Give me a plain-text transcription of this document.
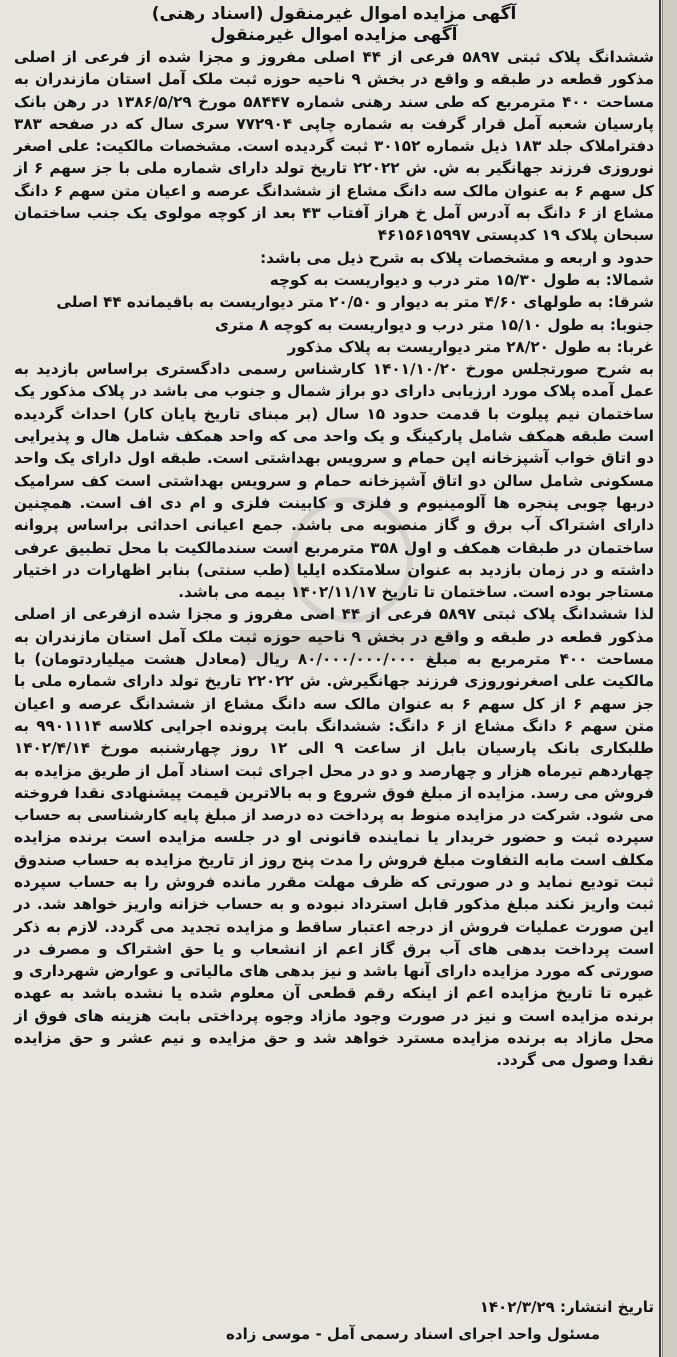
آگهی مزایده اموال غیرمنقول (اسناد رهنی)

آگهی مزایده اموال غیرمنقول

ششدانگ پلاک ثبتی ۵۸۹۷ فرعی از ۴۴ اصلی مفروز و مجزا شده از فرعی از اصلی مذکور قطعه در طبقه و واقع در بخش ۹ ناحیه حوزه ثبت ملک آمل استان مازندران به مساحت ۴۰۰ مترمربع که طی سند رهنی شماره ۵۸۴۴۷ مورخ ۱۳۸۶/۵/۲۹ در رهن بانک پارسیان شعبه آمل قرار گرفت به شماره چاپی ۷۷۲۹۰۴ سری سال که در صفحه ۳۸۳ دفتراملاک جلد ۱۸۳ ذیل شماره ۳۰۱۵۲ ثبت گردیده است. مشخصات مالکیت: علی اصغر نوروزی فرزند جهانگیر به ش. ش ۲۲۰۲۲ تاریخ تولد دارای شماره ملی با جز سهم ۶ از کل سهم ۶ به عنوان مالک سه دانگ مشاع از ششدانگ عرصه و اعیان متن سهم ۶ دانگ مشاع از ۶ دانگ به آدرس آمل خ هراز آفتاب ۴۳ بعد از کوچه مولوی یک جنب ساختمان سبحان پلاک ۱۹ کدپستی ۴۶۱۵۶۱۵۹۹۷

حدود و اربعه و مشخصات پلاک به شرح ذیل می باشد:

شمالا: به طول ۱۵/۳۰ متر درب و دیواریست به کوچه

شرقا: به طولهای ۴/۶۰ متر به دیوار و ۲۰/۵۰ متر دیواریست به باقیمانده ۴۴ اصلی

جنوبا: به طول ۱۵/۱۰ متر درب و دیواریست به کوچه ۸ متری

غربا: به طول ۲۸/۲۰ متر دیواریست به پلاک مذکور

به شرح صورتجلس مورخ ۱۴۰۱/۱۰/۲۰ کارشناس رسمی دادگستری براساس بازدید به عمل آمده پلاک مورد ارزیابی دارای دو براز شمال و جنوب می باشد در پلاک مذکور یک ساختمان نیم پیلوت با قدمت حدود ۱۵ سال (بر مبنای تاریخ پایان کار) احداث گردیده است طبقه همکف شامل پارکینگ و یک واحد می که واحد همکف شامل هال و پذیرایی دو اتاق خواب آشپزخانه اپن حمام و سرویس بهداشتی است. طبقه اول دارای یک واحد مسکونی شامل سالن دو اتاق آشپزخانه حمام و سرویس بهداشتی است کف سرامیک دربها چوبی پنجره ها آلومینیوم و فلزی و کابینت فلزی و ام دی اف است. همچنین دارای اشتراک آب برق و گاز منصوبه می باشد. جمع اعیانی احداثی براساس پروانه ساختمان در طبقات همکف و اول ۳۵۸ مترمربع است سندمالکیت با محل تطبیق عرفی داشته و در زمان بازدید به عنوان سلامتکده ایلیا (طب سنتی) بنابر اظهارات در اختیار مستاجر بوده است. ساختمان تا تاریخ ۱۴۰۲/۱۱/۱۷ بیمه می باشد.

لذا ششدانگ پلاک ثبتی ۵۸۹۷ فرعی از ۴۴ اصی مفروز و مجزا شده ازفرعی از اصلی مذکور قطعه در طبقه و واقع در بخش ۹ ناحیه حوزه ثبت ملک آمل استان مازندران به مساحت ۴۰۰ مترمربع به مبلغ ۸۰/۰۰۰/۰۰۰/۰۰۰ ریال (معادل هشت میلیاردتومان) با مالکیت علی اصغرنوروزی فرزند جهانگیرش. ش ۲۲۰۲۲ تاریخ تولد دارای شماره ملی با جز سهم ۶ از کل سهم ۶ به عنوان مالک سه دانگ مشاع از ششدانگ عرصه و اعیان متن سهم ۶ دانگ مشاع از ۶ دانگ: ششدانگ بابت پرونده اجرایی کلاسه ۹۹۰۱۱۱۴ به طلبکاری بانک پارسیان بابل از ساعت ۹ الی ۱۲ روز چهارشنبه مورخ ۱۴۰۲/۴/۱۴ چهاردهم تیرماه هزار و چهارصد و دو در محل اجرای ثبت اسناد آمل از طریق مزایده به فروش می رسد. مزایده از مبلغ فوق شروع و به بالاترین قیمت پیشنهادی نقدا فروخته می شود. شرکت در مزایده منوط به پرداخت ده درصد از مبلغ پایه کارشناسی به حساب سپرده ثبت و حضور خریدار یا نماینده قانونی او در جلسه مزایده است برنده مزایده مکلف است مابه التفاوت مبلغ فروش را مدت پنج روز از تاریخ مزایده به حساب صندوق ثبت تودیع نماید و در صورتی که ظرف مهلت مقرر مانده فروش را به حساب سپرده ثبت واریز نکند مبلغ مذکور قابل استرداد نبوده و به حساب خزانه واریز خواهد شد. در این صورت عملیات فروش از درجه اعتبار ساقط و مزایده تجدید می گردد. لازم به ذکر است پرداخت بدهی های آب برق گاز اعم از انشعاب و یا حق اشتراک و مصرف در صورتی که مورد مزایده دارای آنها باشد و نیز بدهی های مالیاتی و عوارض شهرداری و غیره تا تاریخ مزایده اعم از اینکه رقم قطعی آن معلوم شده یا نشده باشد به عهده برنده مزایده است و نیز در صورت وجود مازاد وجوه پرداختی بابت هزینه های فوق از محل مازاد به برنده مزایده مسترد خواهد شد و حق مزایده و نیم عشر و حق مزایده نقدا وصول می گردد.

تاریخ انتشار: ۱۴۰۲/۳/۲۹
مسئول واحد اجرای اسناد رسمی آمل - موسی زاده
